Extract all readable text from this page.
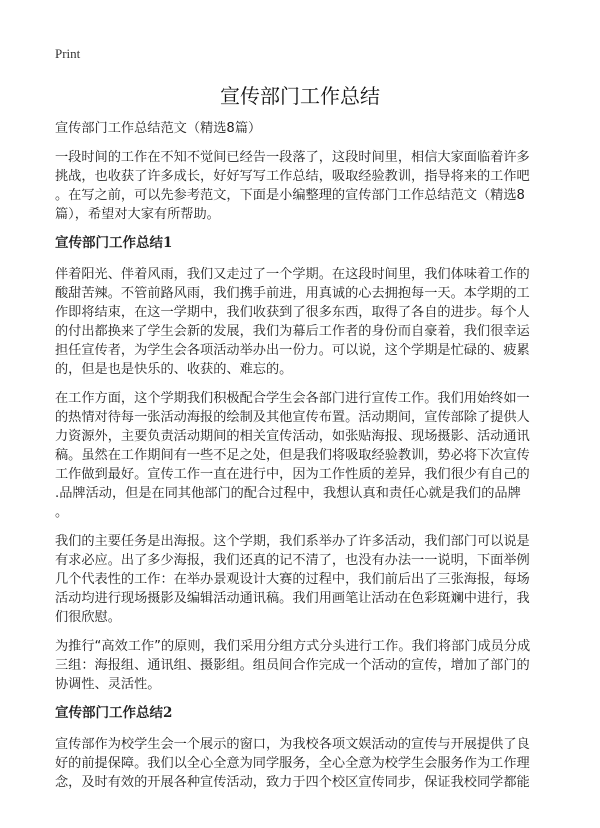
Print
宣传部门工作总结
宣传部门工作总结范文（精选8篇）
一段时间的工作在不知不觉间已经告一段落了，这段时间里，相信大家面临着许多
挑战，也收获了许多成长，好好写写工作总结，吸取经验教训，指导将来的工作吧
。在写之前，可以先参考范文，下面是小编整理的宣传部门工作总结范文（精选8
篇），希望对大家有所帮助。
宣传部门工作总结1
伴着阳光、伴着风雨，我们又走过了一个学期。在这段时间里，我们体味着工作的
酸甜苦辣。不管前路风雨，我们携手前进，用真诚的心去拥抱每一天。本学期的工
作即将结束，在这一学期中，我们收获到了很多东西，取得了各自的进步。每个人
的付出都换来了学生会新的发展，我们为幕后工作者的身份而自豪着，我们很幸运
担任宣传者，为学生会各项活动举办出一份力。可以说，这个学期是忙碌的、疲累
的，但是也是快乐的、收获的、难忘的。
在工作方面，这个学期我们积极配合学生会各部门进行宣传工作。我们用始终如一
的热情对待每一张活动海报的绘制及其他宣传布置。活动期间，宣传部除了提供人
力资源外，主要负责活动期间的相关宣传活动，如张贴海报、现场摄影、活动通讯
稿。虽然在工作期间有一些不足之处，但是我们将吸取经验教训，势必将下次宣传
工作做到最好。宣传工作一直在进行中，因为工作性质的差异，我们很少有自己的
.品牌活动，但是在同其他部门的配合过程中，我想认真和责任心就是我们的品牌
。
我们的主要任务是出海报。这个学期，我们系举办了许多活动，我们部门可以说是
有求必应。出了多少海报，我们还真的记不清了，也没有办法一一说明，下面举例
几个代表性的工作：在举办景观设计大赛的过程中，我们前后出了三张海报，每场
活动均进行现场摄影及编辑活动通讯稿。我们用画笔让活动在色彩斑斓中进行，我
们很欣慰。
为推行“高效工作”的原则，我们采用分组方式分头进行工作。我们将部门成员分成
三组：海报组、通讯组、摄影组。组员间合作完成一个活动的宣传，增加了部门的
协调性、灵活性。
宣传部门工作总结2
宣传部作为校学生会一个展示的窗口，为我校各项文娱活动的宣传与开展提供了良
好的前提保障。我们以全心全意为同学服务，全心全意为校学生会服务作为工作理
念，及时有效的开展各种宣传活动，致力于四个校区宣传同步，保证我校同学都能
